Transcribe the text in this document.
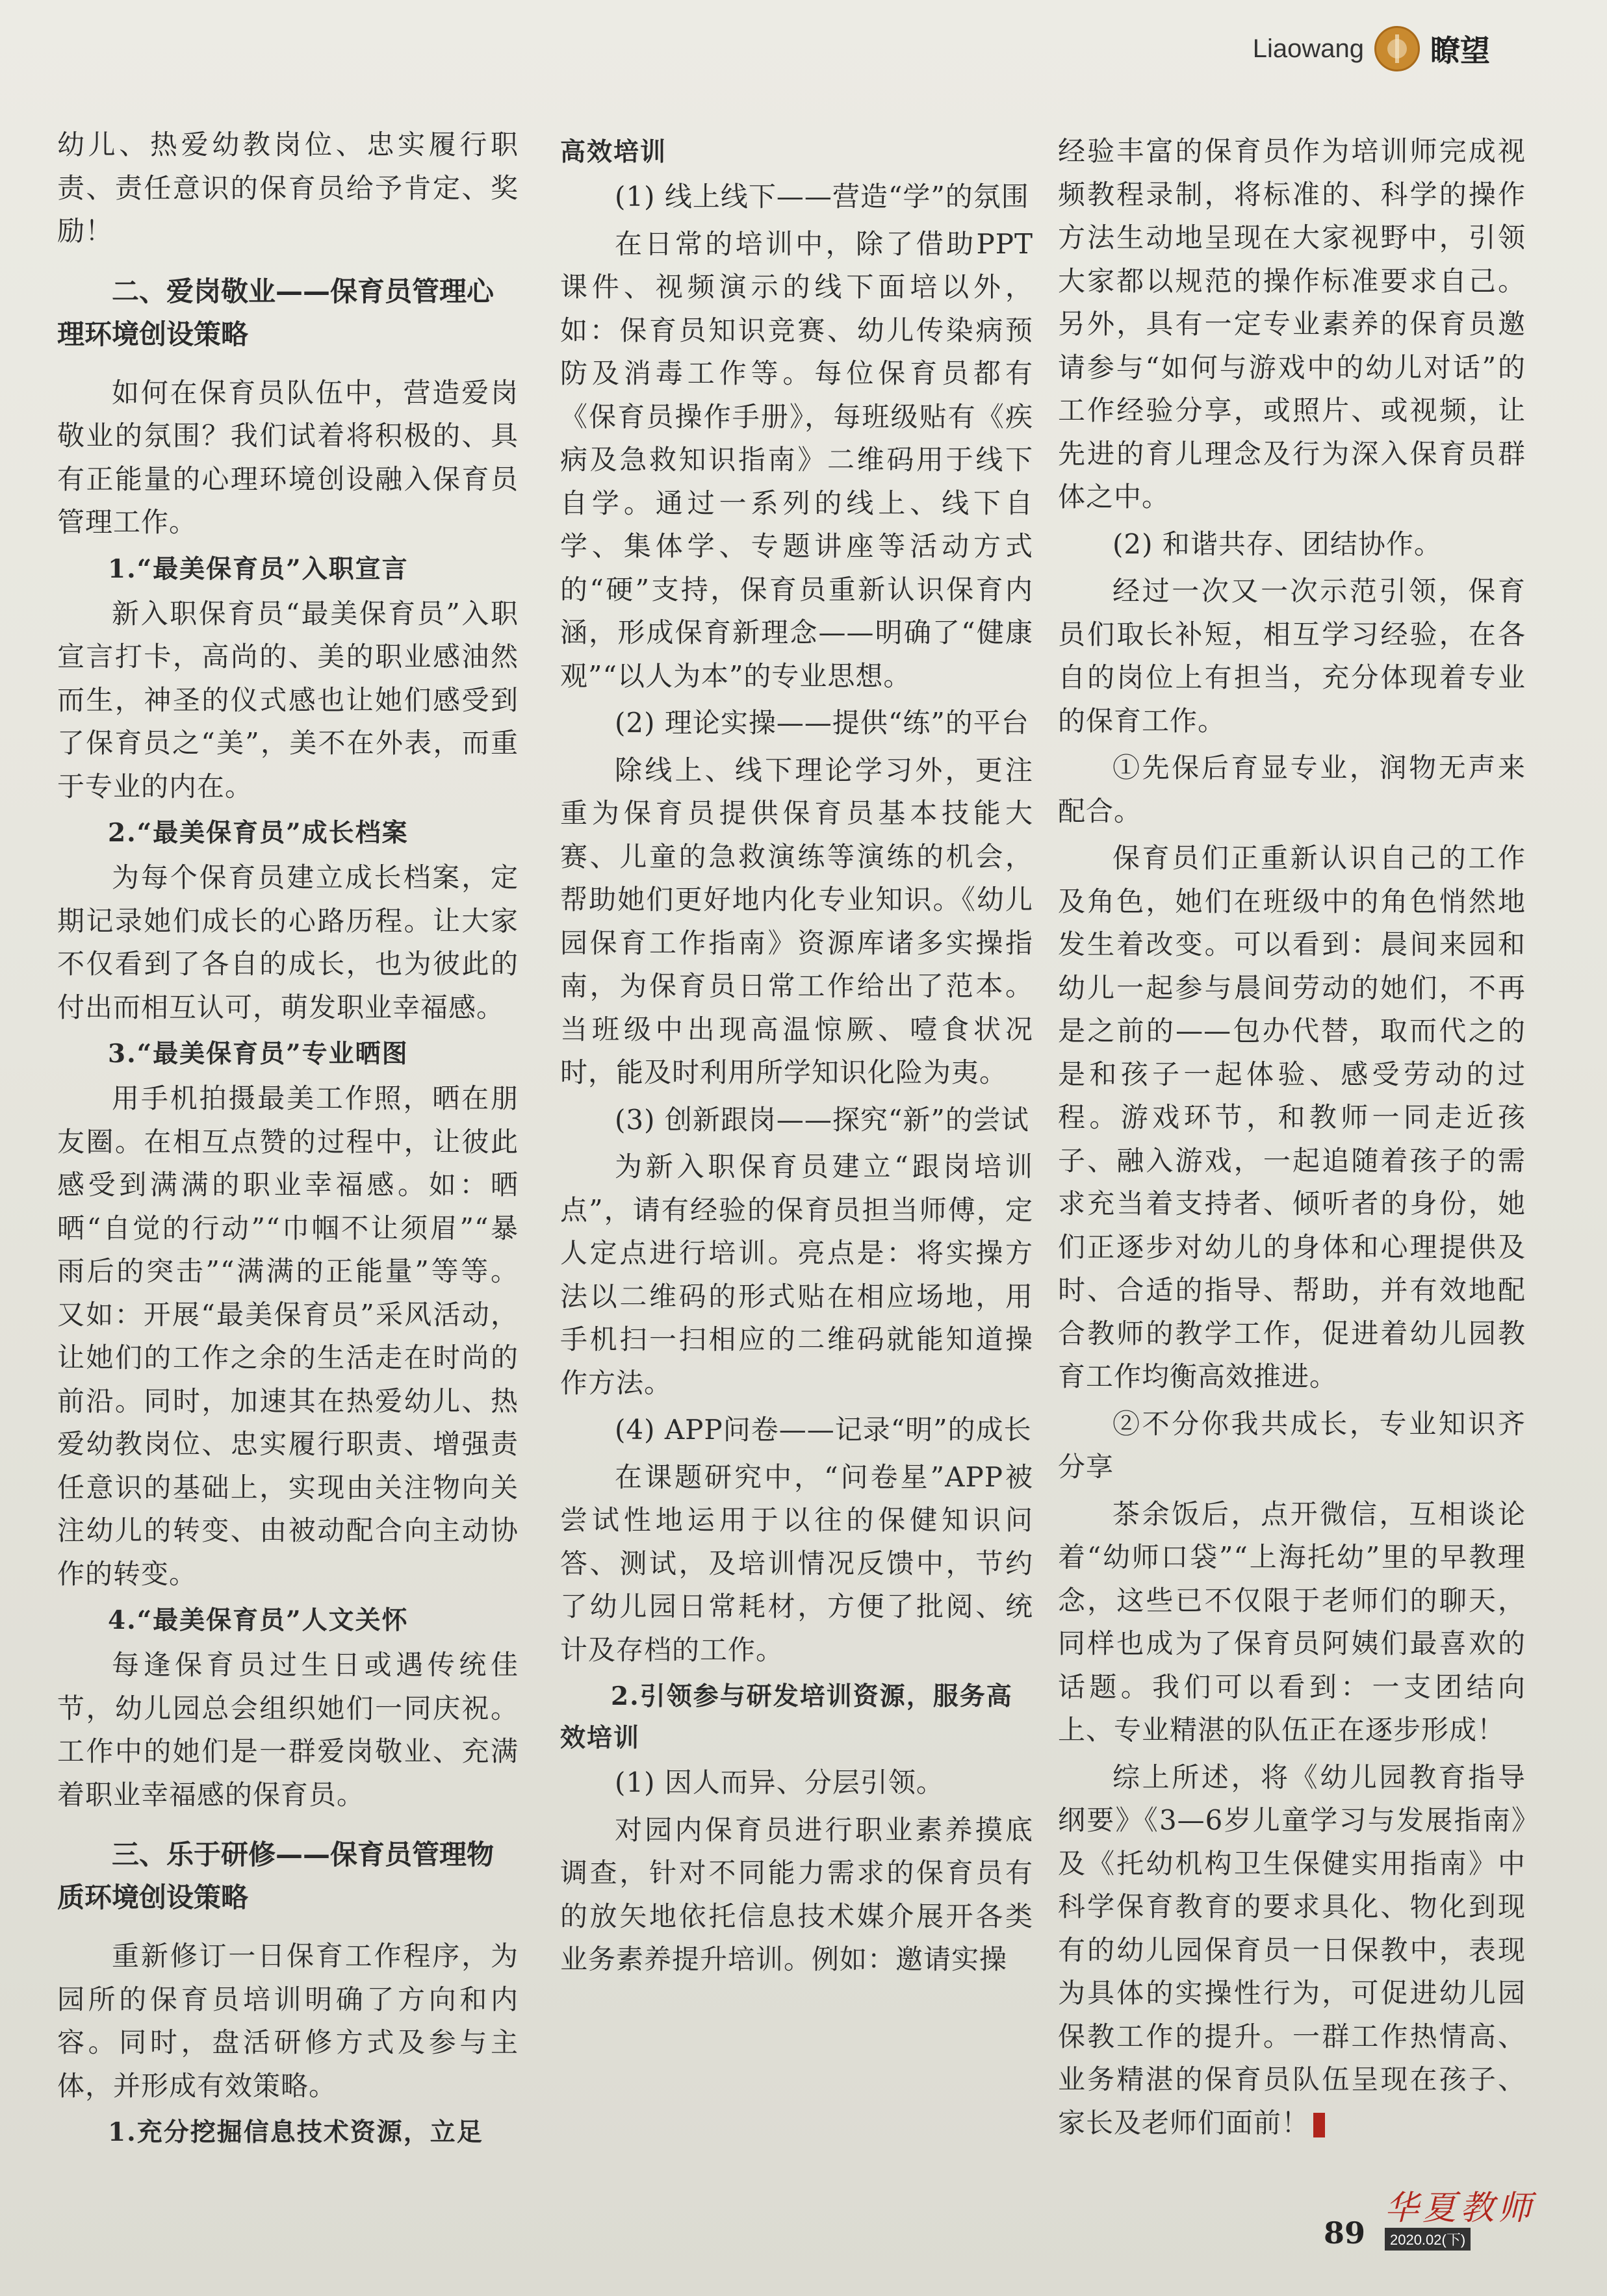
Liaowang 瞭望

幼儿、热爱幼教岗位、忠实履行职责、责任意识的保育员给予肯定、奖励！

二、爱岗敬业——保育员管理心理环境创设策略

如何在保育员队伍中，营造爱岗敬业的氛围？我们试着将积极的、具有正能量的心理环境创设融入保育员管理工作。

1.“最美保育员”入职宣言

新入职保育员“最美保育员”入职宣言打卡，高尚的、美的职业感油然而生，神圣的仪式感也让她们感受到了保育员之“美”，美不在外表，而重于专业的内在。

2.“最美保育员”成长档案

为每个保育员建立成长档案，定期记录她们成长的心路历程。让大家不仅看到了各自的成长，也为彼此的付出而相互认可，萌发职业幸福感。

3.“最美保育员”专业晒图

用手机拍摄最美工作照，晒在朋友圈。在相互点赞的过程中，让彼此感受到满满的职业幸福感。如：晒晒“自觉的行动”“巾帼不让须眉”“暴雨后的突击”“满满的正能量”等等。又如：开展“最美保育员”采风活动，让她们的工作之余的生活走在时尚的前沿。同时，加速其在热爱幼儿、热爱幼教岗位、忠实履行职责、增强责任意识的基础上，实现由关注物向关注幼儿的转变、由被动配合向主动协作的转变。

4.“最美保育员”人文关怀

每逢保育员过生日或遇传统佳节，幼儿园总会组织她们一同庆祝。工作中的她们是一群爱岗敬业、充满着职业幸福感的保育员。

三、乐于研修——保育员管理物质环境创设策略

重新修订一日保育工作程序，为园所的保育员培训明确了方向和内容。同时，盘活研修方式及参与主体，并形成有效策略。

1.充分挖掘信息技术资源，立足
高效培训

(1) 线上线下——营造“学”的氛围

在日常的培训中，除了借助PPT课件、视频演示的线下面培以外，如：保育员知识竞赛、幼儿传染病预防及消毒工作等。每位保育员都有《保育员操作手册》，每班级贴有《疾病及急救知识指南》二维码用于线下自学。通过一系列的线上、线下自学、集体学、专题讲座等活动方式的“硬”支持，保育员重新认识保育内涵，形成保育新理念——明确了“健康观”“以人为本”的专业思想。

(2) 理论实操——提供“练”的平台

除线上、线下理论学习外，更注重为保育员提供保育员基本技能大赛、儿童的急救演练等演练的机会，帮助她们更好地内化专业知识。《幼儿园保育工作指南》资源库诸多实操指南，为保育员日常工作给出了范本。当班级中出现高温惊厥、噎食状况时，能及时利用所学知识化险为夷。

(3) 创新跟岗——探究“新”的尝试

为新入职保育员建立“跟岗培训点”，请有经验的保育员担当师傅，定人定点进行培训。亮点是：将实操方法以二维码的形式贴在相应场地，用手机扫一扫相应的二维码就能知道操作方法。

(4) APP问卷——记录“明”的成长

在课题研究中，“问卷星”APP被尝试性地运用于以往的保健知识问答、测试，及培训情况反馈中，节约了幼儿园日常耗材，方便了批阅、统计及存档的工作。

2.引领参与研发培训资源，服务高效培训

(1) 因人而异、分层引领。

对园内保育员进行职业素养摸底调查，针对不同能力需求的保育员有的放矢地依托信息技术媒介展开各类业务素养提升培训。例如：邀请实操

经验丰富的保育员作为培训师完成视频教程录制，将标准的、科学的操作方法生动地呈现在大家视野中，引领大家都以规范的操作标准要求自己。另外，具有一定专业素养的保育员邀请参与“如何与游戏中的幼儿对话”的工作经验分享，或照片、或视频，让先进的育儿理念及行为深入保育员群体之中。

(2) 和谐共存、团结协作。

经过一次又一次示范引领，保育员们取长补短，相互学习经验，在各自的岗位上有担当，充分体现着专业的保育工作。

①先保后育显专业，润物无声来配合。

保育员们正重新认识自己的工作及角色，她们在班级中的角色悄然地发生着改变。可以看到：晨间来园和幼儿一起参与晨间劳动的她们，不再是之前的——包办代替，取而代之的是和孩子一起体验、感受劳动的过程。游戏环节，和教师一同走近孩子、融入游戏，一起追随着孩子的需求充当着支持者、倾听者的身份，她们正逐步对幼儿的身体和心理提供及时、合适的指导、帮助，并有效地配合教师的教学工作，促进着幼儿园教育工作均衡高效推进。

②不分你我共成长，专业知识齐分享

茶余饭后，点开微信，互相谈论着“幼师口袋”“上海托幼”里的早教理念，这些已不仅限于老师们的聊天，同样也成为了保育员阿姨们最喜欢的话题。我们可以看到：一支团结向上、专业精湛的队伍正在逐步形成！

综上所述，将《幼儿园教育指导纲要》《3—6岁儿童学习与发展指南》及《托幼机构卫生保健实用指南》中科学保育教育的要求具化、物化到现有的幼儿园保育员一日保教中，表现为具体的实操性行为，可促进幼儿园保教工作的提升。一群工作热情高、业务精湛的保育员队伍呈现在孩子、家长及老师们面前！

89
华夏教师
2020.02(下)
